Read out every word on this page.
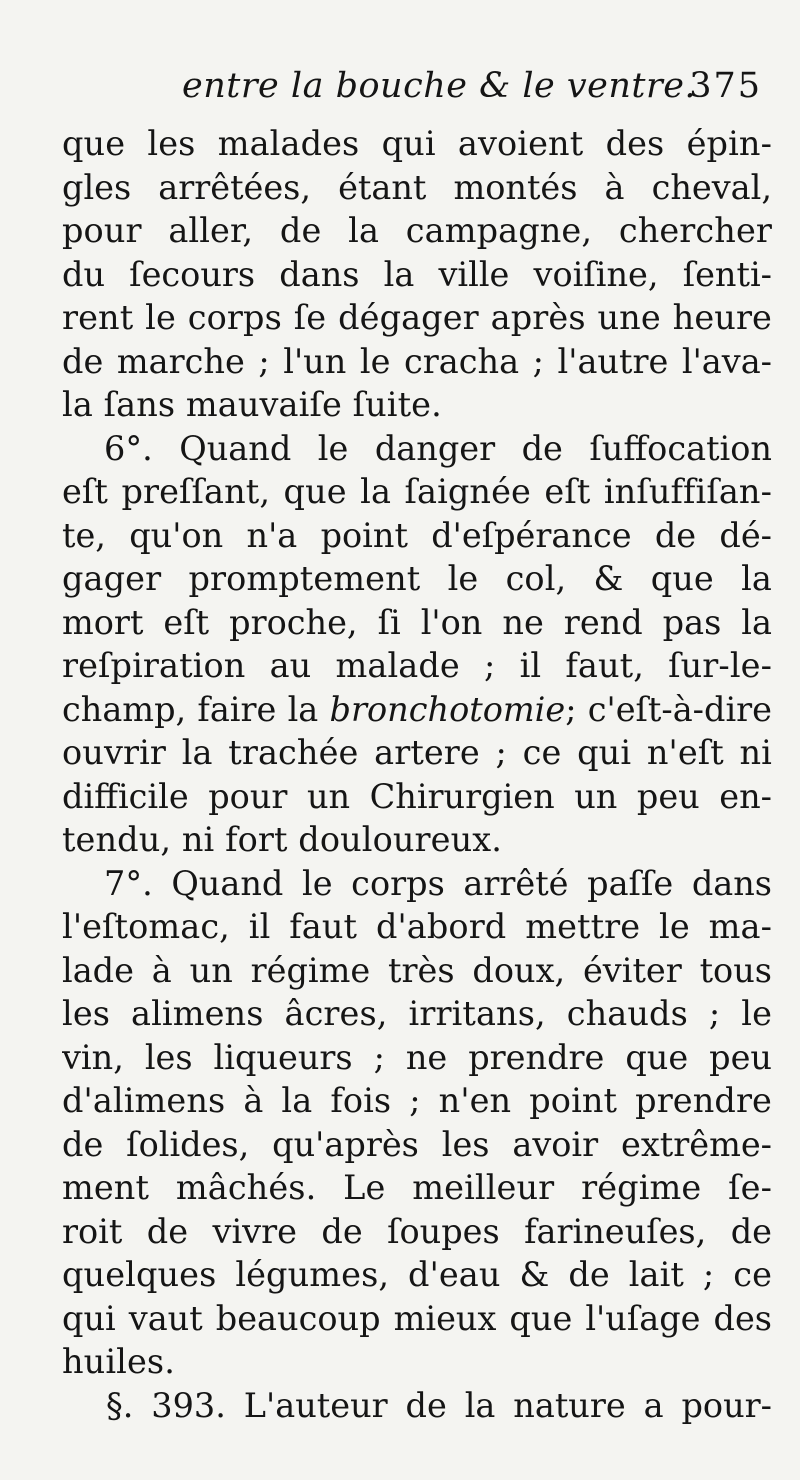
entre la bouche & le ventre.
375
que les malades qui avoient des épin-
gles arrêtées, étant montés à cheval,
pour aller, de la campagne, chercher
du ſecours dans la ville voiſine, ſenti-
rent le corps ſe dégager après une heure
de marche ; l'un le cracha ; l'autre l'ava-
la ſans mauvaiſe ſuite.
6°. Quand le danger de ſuffocation
eſt preſſant, que la ſaignée eſt inſuffiſan-
te, qu'on n'a point d'eſpérance de dé-
gager promptement le col, & que la
mort eſt proche, ſi l'on ne rend pas la
reſpiration au malade ; il faut, ſur-le-
champ, faire la bronchotomie; c'eſt-à-dire
ouvrir la trachée artere ; ce qui n'eſt ni
difficile pour un Chirurgien un peu en-
tendu, ni fort douloureux.
7°. Quand le corps arrêté paſſe dans
l'eſtomac, il faut d'abord mettre le ma-
lade à un régime très doux, éviter tous
les alimens âcres, irritans, chauds ; le
vin, les liqueurs ; ne prendre que peu
d'alimens à la fois ; n'en point prendre
de ſolides, qu'après les avoir extrême-
ment mâchés. Le meilleur régime ſe-
roit de vivre de ſoupes farineuſes, de
quelques légumes, d'eau & de lait ; ce
qui vaut beaucoup mieux que l'uſage des
huiles.
§. 393. L'auteur de la nature a pour-
